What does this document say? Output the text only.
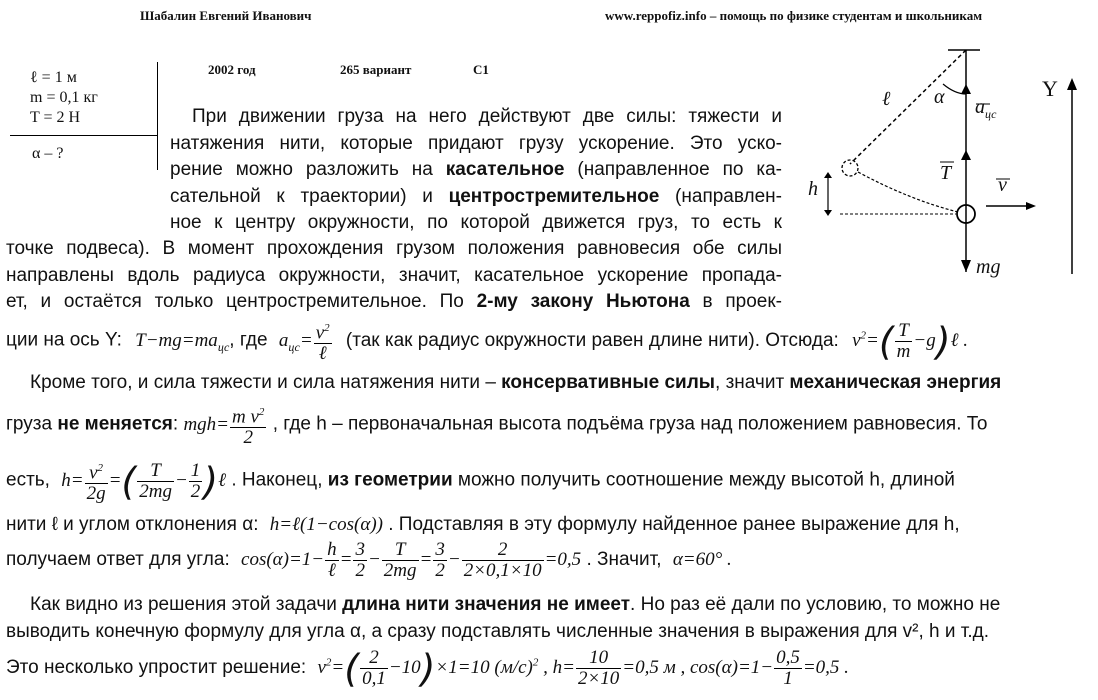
Шабалин Евгений Иванович	www.reppofiz.info – помощь по физике студентам и школьникам
2002 год	265 вариант	С1
ℓ = 1 м
m = 0,1 кг
T = 2 Н
α – ?
ℓ α $a_{цс}$
T
h	v
mg
Y
При движении груза на него действуют две силы: тяжести и
натяжения нити, которые придают грузу ускорение. Это уско-
рение можно разложить на касательное (направленное по ка-
сательной к траектории) и центростремительное (направлен-
ное к центру окружности, по которой движется груз, то есть к
точке подвеса). В момент прохождения грузом положения равновесия обе силы
направлены вдоль радиуса окружности, значит, касательное ускорение пропада-
ет, и остаётся только центростремительное. По 2-му закону Ньютона в проек-
ции на ось Y: $T-mg=ma_{цс}$, где $a_{цс}= \frac{v^2}{\text{ℓ}} (так$ как радиус окружности равен длине нити). Отсюда: $v^2=( \frac{T}{m}$ −g)ℓ .
Кроме того, и сила тяжести и сила натяжения нити – консервативные силы, значит механическая энергия
груза не меняется: $mgh= \frac{m v^2}{2}$ , где h – первоначальная высота подъёма груза над положением равновесия. То
есть, $h= \frac{v^2}{2g}$ =( $\frac{T}{2mg} - \frac{1}{2}$ )ℓ . Наконец, из геометрии можно получить соотношение между высотой h, длиной
нити ℓ и углом отклонения α: h=ℓ(1−cos(α)) . Подставляя в эту формулу найденное ранее выражение для h,
получаем ответ для угла: $\cos(\alpha)=1- \frac{h}{\text{ℓ}} = \frac{3}{2} - \frac{T}{2mg} = \frac{3}{2} - \frac{2}{2\times 0,1\times 10} =0,5$ . Значит, α=60° .
Как видно из решения этой задачи длина нити значения не имеет. Но раз её дали по условию, то можно не
выводить конечную формулу для угла α, а сразу подставлять численные значения в выражения для v², h и т.д.
Это несколько упростит решение: $v^2=( \frac{2}{0,1} -10)\times 1=10$ $(м/с)^2$ , $h= \frac{10}{2\times 10} =0,5$ м , $\cos(\alpha)=1- \frac{0,5}{1} =0,5$ .
